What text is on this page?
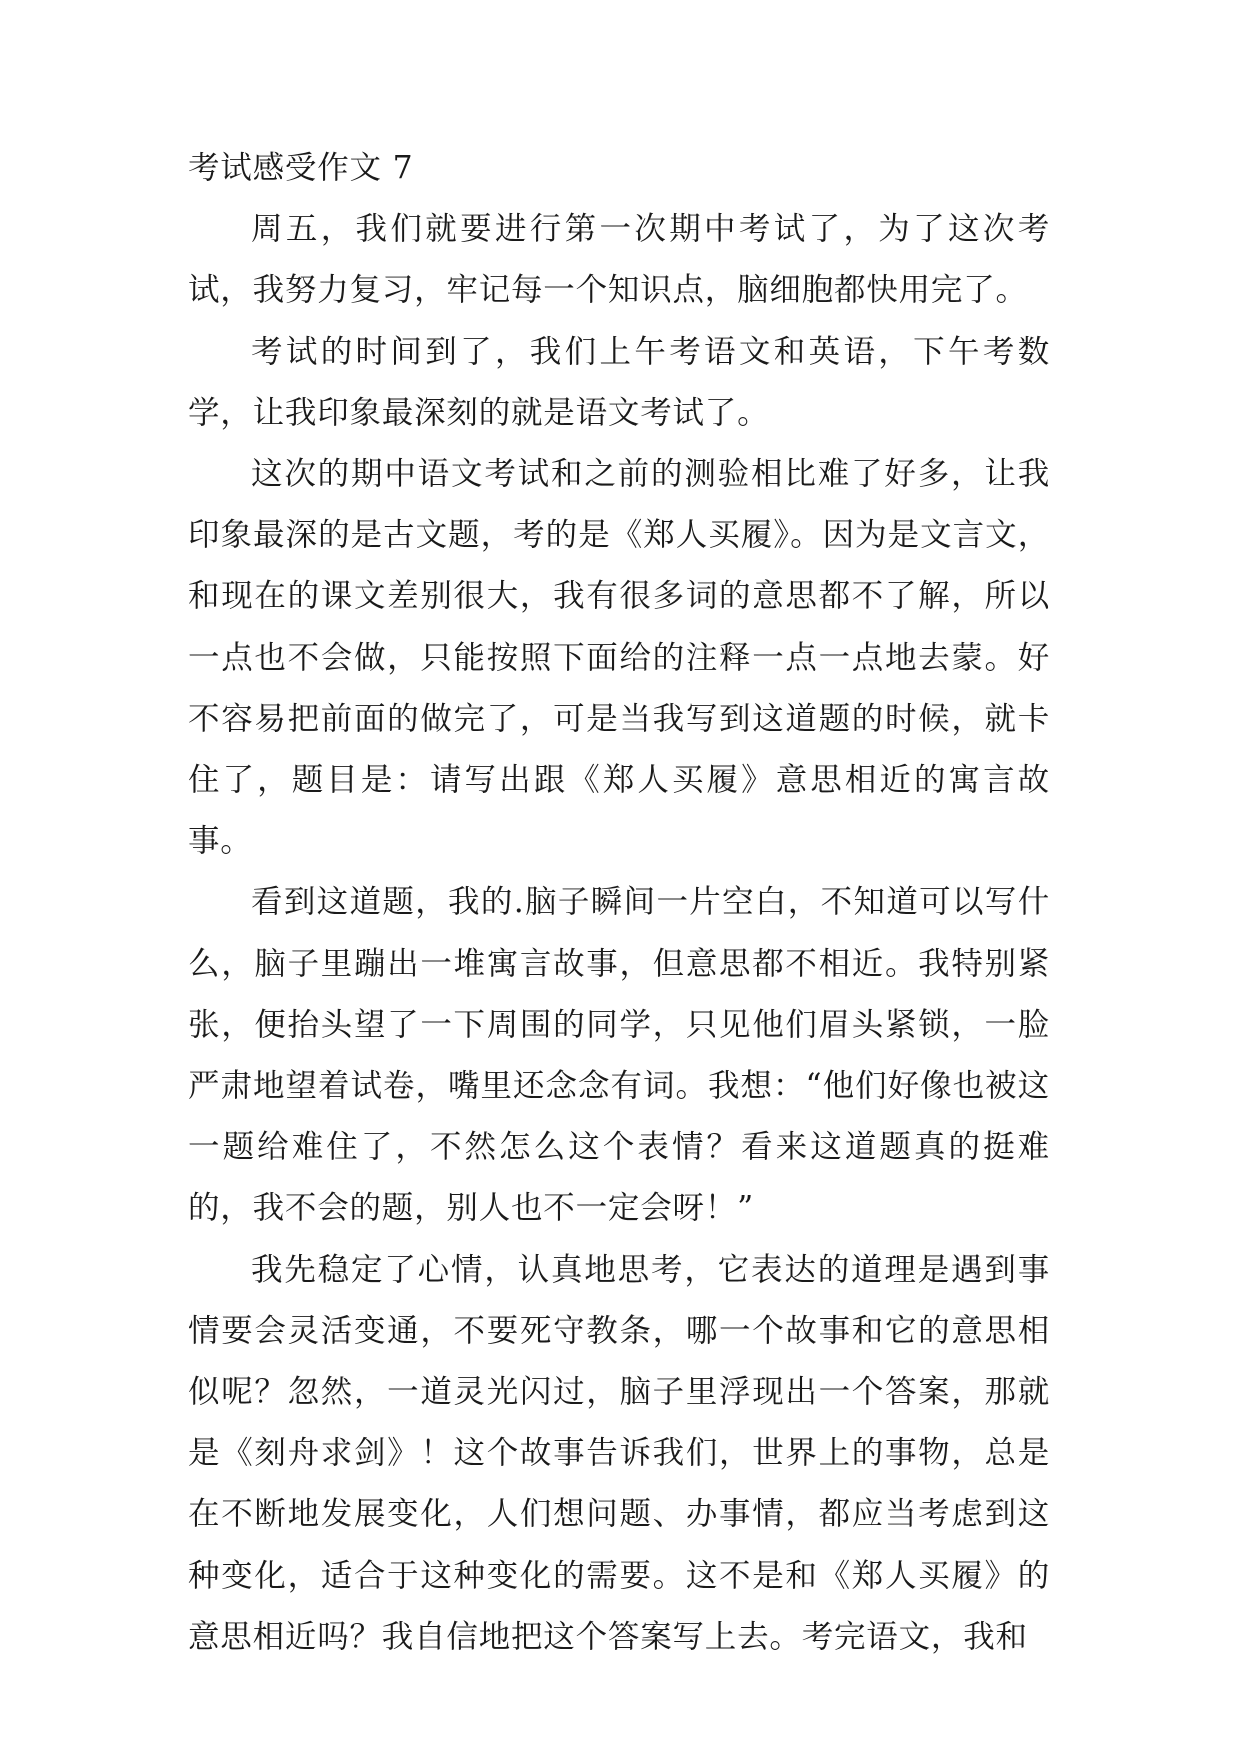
考试感受作文 7

周五，我们就要进行第一次期中考试了，为了这次考试，我努力复习，牢记每一个知识点，脑细胞都快用完了。

考试的时间到了，我们上午考语文和英语，下午考数学，让我印象最深刻的就是语文考试了。

这次的期中语文考试和之前的测验相比难了好多，让我印象最深的是古文题，考的是《郑人买履》。因为是文言文，和现在的课文差别很大，我有很多词的意思都不了解，所以一点也不会做，只能按照下面给的注释一点一点地去蒙。好不容易把前面的做完了，可是当我写到这道题的时候，就卡住了，题目是：请写出跟《郑人买履》意思相近的寓言故事。

看到这道题，我的.脑子瞬间一片空白，不知道可以写什么，脑子里蹦出一堆寓言故事，但意思都不相近。我特别紧张，便抬头望了一下周围的同学，只见他们眉头紧锁，一脸严肃地望着试卷，嘴里还念念有词。我想：“他们好像也被这一题给难住了，不然怎么这个表情？看来这道题真的挺难的，我不会的题，别人也不一定会呀！”

我先稳定了心情，认真地思考，它表达的道理是遇到事情要会灵活变通，不要死守教条，哪一个故事和它的意思相似呢？忽然，一道灵光闪过，脑子里浮现出一个答案，那就是《刻舟求剑》！这个故事告诉我们，世界上的事物，总是在不断地发展变化，人们想问题、办事情，都应当考虑到这种变化，适合于这种变化的需要。这不是和《郑人买履》的意思相近吗？我自信地把这个答案写上去。考完语文，我和
